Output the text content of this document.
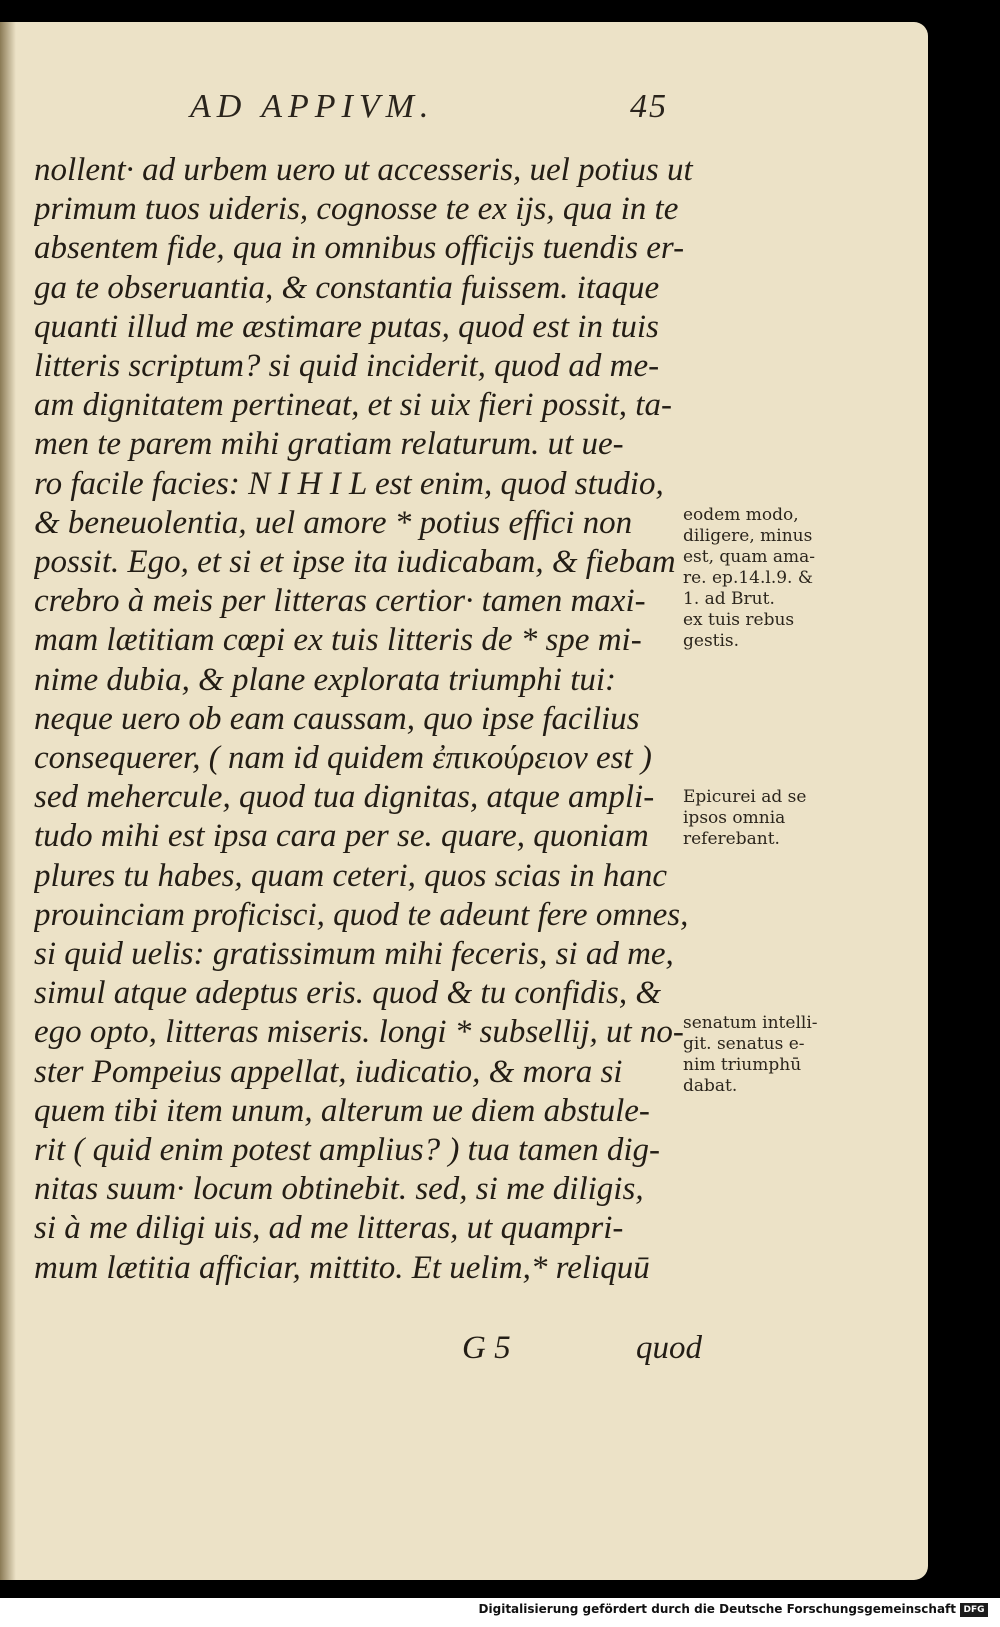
AD APPIVM.	45
nollent· ad urbem uero ut accesseris, uel potius ut
primum tuos uideris, cognosse te ex ijs, qua in te
absentem fide, qua in omnibus officijs tuendis er-
ga te obseruantia, & constantia fuissem. itaque
quanti illud me æstimare putas, quod est in tuis
litteris scriptum? si quid inciderit, quod ad me-
am dignitatem pertineat, et si uix fieri possit, ta-
men te parem mihi gratiam relaturum. ut ue-
ro facile facies: N I H I L est enim, quod studio,
& beneuolentia, uel amore * potius effici non
possit. Ego, et si et ipse ita iudicabam, & fiebam
crebro à meis per litteras certior· tamen maxi-
mam lætitiam cœpi ex tuis litteris de * spe mi-
nime dubia, & plane explorata triumphi tui:
neque uero ob eam caussam, quo ipse facilius
consequerer, ( nam id quidem ἐπικούρειον est )
sed mehercule, quod tua dignitas, atque ampli-
tudo mihi est ipsa cara per se. quare, quoniam
plures tu habes, quam ceteri, quos scias in hanc
prouinciam proficisci, quod te adeunt fere omnes,
si quid uelis: gratissimum mihi feceris, si ad me,
simul atque adeptus eris. quod & tu confidis, &
ego opto, litteras miseris. longi * subsellij, ut no-
ster Pompeius appellat, iudicatio, & mora si
quem tibi item unum, alterum ue diem abstule-
rit ( quid enim potest amplius? ) tua tamen dig-
nitas suum· locum obtinebit. sed, si me diligis,
si à me diligi uis, ad me litteras, ut quampri-
mum lætitia afficiar, mittito. Et uelim,* reliquū
eodem modo,
diligere, minus
est, quam ama-
re. ep.14.l.9. &
1. ad Brut.
ex tuis rebus
gestis.
Epicurei ad se
ipsos omnia
referebant.
senatum intelli-
git. senatus e-
nim triumphū
dabat.
G 5	quod
Digitalisierung gefördert durch die Deutsche Forschungsgemeinschaft DFG
